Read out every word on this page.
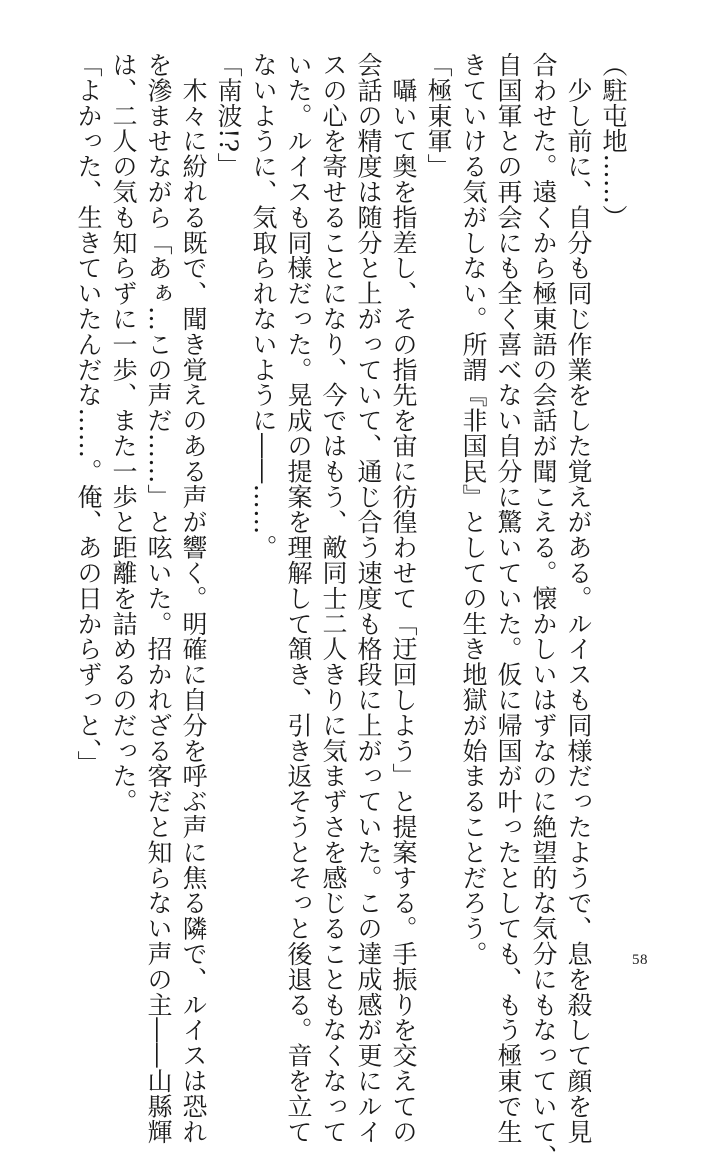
（駐屯地……）
　少し前に、自分も同じ作業をした覚えがある。ルイスも同様だったようで、息を殺して顔を見
合わせた。遠くから極東語の会話が聞こえる。懐かしいはずなのに絶望的な気分にもなっていて、
自国軍との再会にも全く喜べない自分に驚いていた。仮に帰国が叶ったとしても、もう極東で生
きていける気がしない。所謂『非国民』としての生き地獄が始まることだろう。
「極東軍」
　囁いて奥を指差し、その指先を宙に彷徨わせて「迂回しよう」と提案する。手振りを交えての
会話の精度は随分と上がっていて、通じ合う速度も格段に上がっていた。この達成感が更にルイ
スの心を寄せることになり、今ではもう、敵同士二人きりに気まずさを感じることもなくなって
いた。ルイスも同様だった。晃成の提案を理解して頷き、引き返そうとそっと後退る。音を立て
ないように、気取られないように――……。
「南波!?」
　木々に紛れる既で、聞き覚えのある声が響く。明確に自分を呼ぶ声に焦る隣で、ルイスは恐れ
を滲ませながら「あぁ…この声だ……」と呟いた。招かれざる客だと知らない声の主――山縣輝
は、二人の気も知らずに一歩、また一歩と距離を詰めるのだった。
「よかった、生きていたんだな……。俺、あの日からずっと、」
58
